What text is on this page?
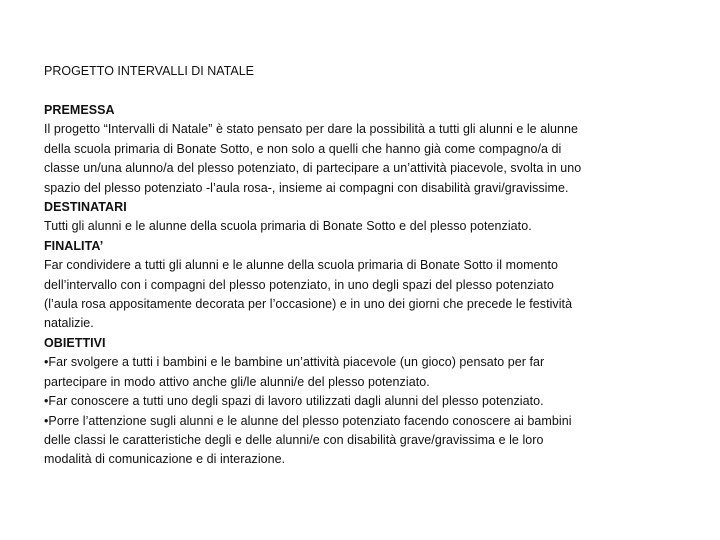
PROGETTO INTERVALLI DI NATALE
PREMESSA
Il progetto “Intervalli di Natale” è stato pensato per dare la possibilità a tutti gli alunni e le alunne
della scuola primaria di Bonate Sotto, e non solo a quelli che hanno già come compagno/a di
classe un/una alunno/a del plesso potenziato, di partecipare a un’attività piacevole, svolta in uno
spazio del plesso potenziato -l’aula rosa-, insieme ai compagni con disabilità gravi/gravissime.
DESTINATARI
Tutti gli alunni e le alunne della scuola primaria di Bonate Sotto e del plesso potenziato.
FINALITA’
Far condividere a tutti gli alunni e le alunne della scuola primaria di Bonate Sotto il momento
dell’intervallo con i compagni del plesso potenziato, in uno degli spazi del plesso potenziato
(l’aula rosa appositamente decorata per l’occasione) e in uno dei giorni che precede le festività
natalizie.
OBIETTIVI
•Far svolgere a tutti i bambini e le bambine un’attività piacevole (un gioco) pensato per far
partecipare in modo attivo anche gli/le alunni/e del plesso potenziato.
•Far conoscere a tutti uno degli spazi di lavoro utilizzati dagli alunni del plesso potenziato.
•Porre l’attenzione sugli alunni e le alunne del plesso potenziato facendo conoscere ai bambini
delle classi le caratteristiche degli e delle alunni/e con disabilità grave/gravissima e le loro
modalità di comunicazione e di interazione.
